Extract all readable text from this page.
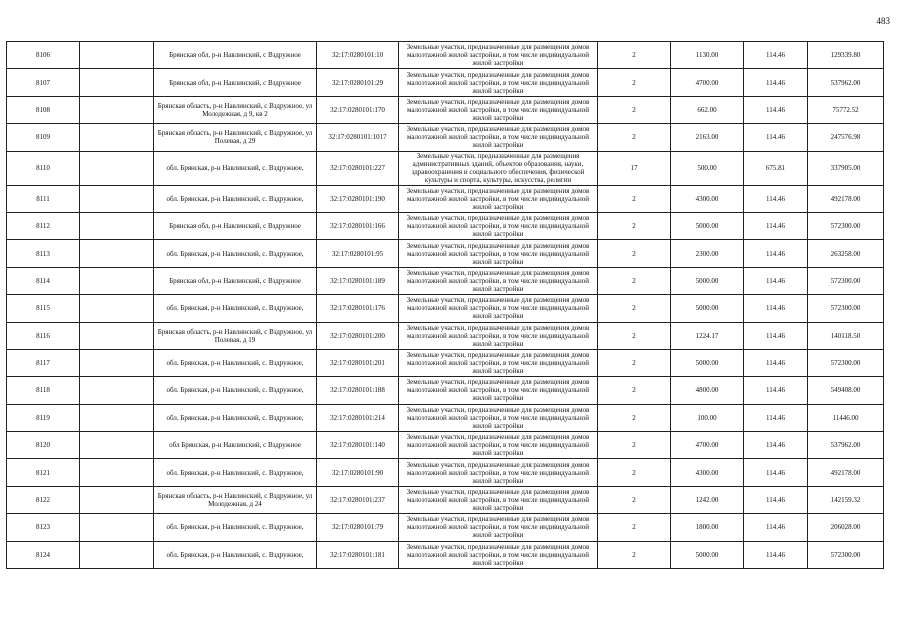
483
8106		Брянская обл, р-н Навлинский, с Вздружное	32:17:0280101:10	Земельные участки, предназначенные для размещения домов малоэтажной жилой застройки, в том числе индивидуальной жилой застройки	2	1130.00	114.46	129339.80
8107		Брянская обл, р-н Навлинский, с Вздружное	32:17:0280101:29	Земельные участки, предназначенные для размещения домов малоэтажной жилой застройки, в том числе индивидуальной жилой застройки	2	4700.00	114.46	537962.00
8108		Брянская область, р-н Навлинский, с Вздружное, ул Молодежная, д 9, кв 2	32:17:0280101:170	Земельные участки, предназначенные для размещения домов малоэтажной жилой застройки, в том числе индивидуальной жилой застройки	2	662.00	114.46	75772.52
8109		Брянская область, р-н Навлинский, с Вздружное, ул Полевая, д 29	32:17:0280101:1017	Земельные участки, предназначенные для размещения домов малоэтажной жилой застройки, в том числе индивидуальной жилой застройки	2	2163.00	114.46	247576.98
8110		обл. Брянская, р-н Навлинский, с. Вздружное,	32:17:0280101:227	Земельные участки, предназначенные для размещения административных зданий, объектов образования, науки, здравоохранения и социального обеспечения, физической культуры и спорта, культуры, искусства, религии	17	500.00	675.81	337905.00
8111		обл. Брянская, р-н Навлинский, с. Вздружное,	32:17:0280101:190	Земельные участки, предназначенные для размещения домов малоэтажной жилой застройки, в том числе индивидуальной жилой застройки	2	4300.00	114.46	492178.00
8112		Брянская обл, р-н Навлинский, с Вздружное	32:17:0280101:166	Земельные участки, предназначенные для размещения домов малоэтажной жилой застройки, в том числе индивидуальной жилой застройки	2	5000.00	114.46	572300.00
8113		обл. Брянская, р-н Навлинский, с. Вздружное,	32:17:0280101:95	Земельные участки, предназначенные для размещения домов малоэтажной жилой застройки, в том числе индивидуальной жилой застройки	2	2300.00	114.46	263258.00
8114		Брянская обл, р-н Навлинский, с Вздружное	32:17:0280101:189	Земельные участки, предназначенные для размещения домов малоэтажной жилой застройки, в том числе индивидуальной жилой застройки	2	5000.00	114.46	572300.00
8115		обл. Брянская, р-н Навлинский, с. Вздружное,	32:17:0280101:176	Земельные участки, предназначенные для размещения домов малоэтажной жилой застройки, в том числе индивидуальной жилой застройки	2	5000.00	114.46	572300.00
8116		Брянская область, р-н Навлинский, с Вздружное, ул Полевая, д 19	32:17:0280101:200	Земельные участки, предназначенные для размещения домов малоэтажной жилой застройки, в том числе индивидуальной жилой застройки	2	1224.17	114.46	140118.50
8117		обл. Брянская, р-н Навлинский, с. Вздружное,	32:17:0280101:201	Земельные участки, предназначенные для размещения домов малоэтажной жилой застройки, в том числе индивидуальной жилой застройки	2	5000.00	114.46	572300.00
8118		обл. Брянская, р-н Навлинский, с. Вздружное,	32:17:0280101:188	Земельные участки, предназначенные для размещения домов малоэтажной жилой застройки, в том числе индивидуальной жилой застройки	2	4800.00	114.46	549408.00
8119		обл. Брянская, р-н Навлинский, с. Вздружное,	32:17:0280101:214	Земельные участки, предназначенные для размещения домов малоэтажной жилой застройки, в том числе индивидуальной жилой застройки	2	100.00	114.46	11446.00
8120		обл Брянская, р-н Навлинский, с Вздружное	32:17:0280101:140	Земельные участки, предназначенные для размещения домов малоэтажной жилой застройки, в том числе индивидуальной жилой застройки	2	4700.00	114.46	537962.00
8121		обл. Брянская, р-н Навлинский, с. Вздружное,	32:17:0280101:90	Земельные участки, предназначенные для размещения домов малоэтажной жилой застройки, в том числе индивидуальной жилой застройки	2	4300.00	114.46	492178.00
8122		Брянская область, р-н Навлинский, с Вздружное, ул Молодежная, д 24	32:17:0280101:237	Земельные участки, предназначенные для размещения домов малоэтажной жилой застройки, в том числе индивидуальной жилой застройки	2	1242.00	114.46	142159.32
8123		обл. Брянская, р-н Навлинский, с. Вздружное,	32:17:0280101:79	Земельные участки, предназначенные для размещения домов малоэтажной жилой застройки, в том числе индивидуальной жилой застройки	2	1800.00	114.46	206028.00
8124		обл. Брянская, р-н Навлинский, с. Вздружное,	32:17:0280101:181	Земельные участки, предназначенные для размещения домов малоэтажной жилой застройки, в том числе индивидуальной жилой застройки	2	5000.00	114.46	572300.00
